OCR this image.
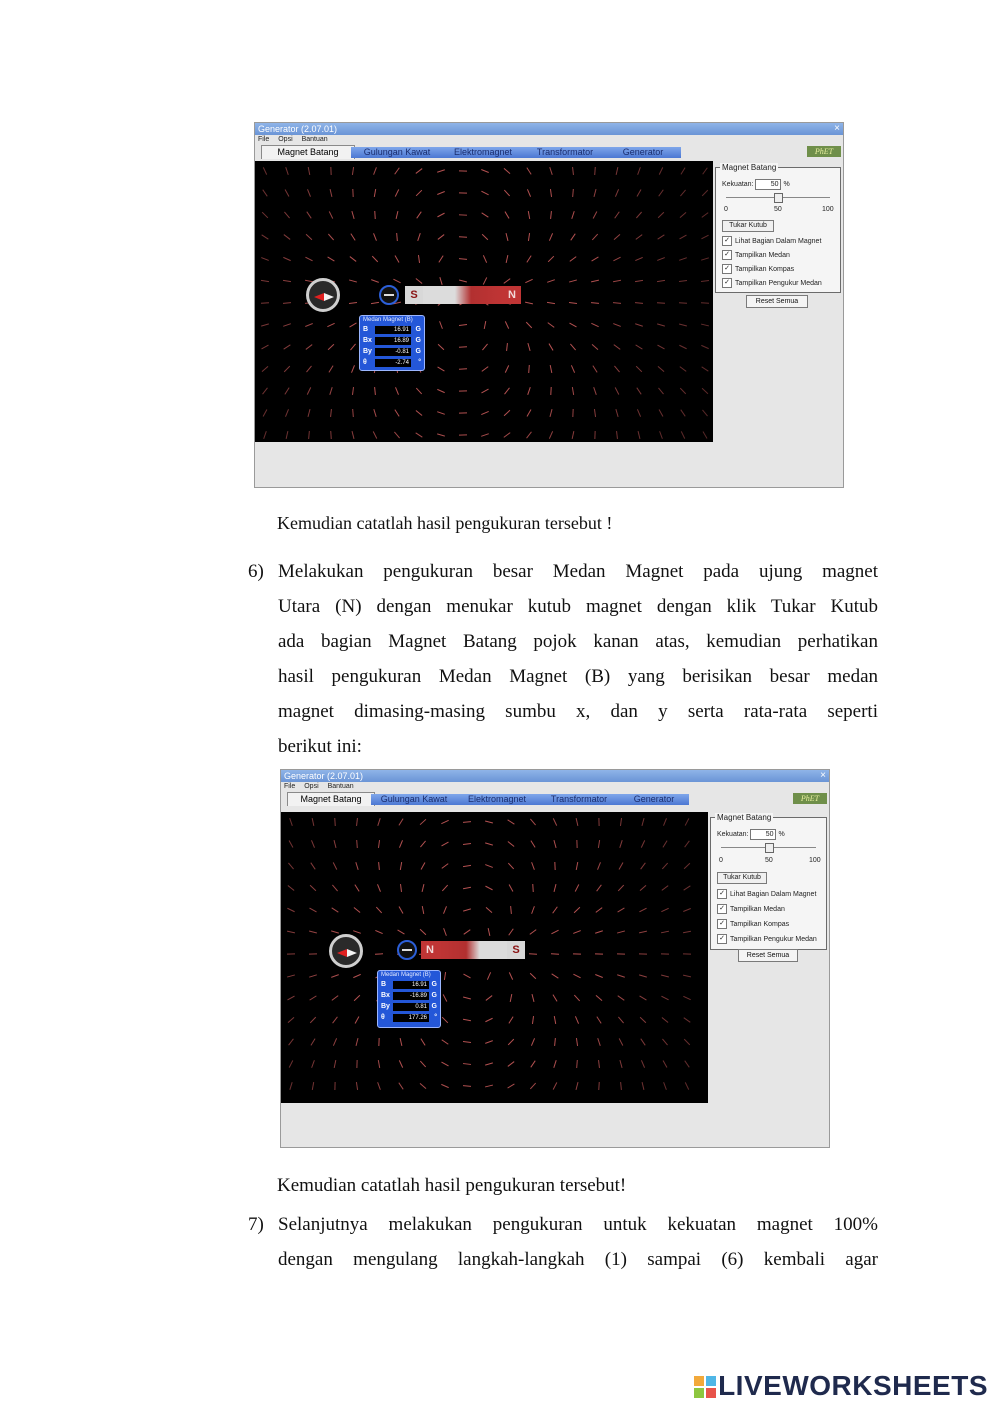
Generator (2.07.01)	×
File Opsi Bantuan
Magnet Batang	Gulungan Kawat	Elektromagnet	Transformator	Generator	PhET
S	N
Medan Magnet (B)
B	16.91 G
Bx	16.89 G
By	-0.81 G
θ	-2.74 °
Magnet Batang
Kekuatan: 50 %
0	50	100
Tukar Kutub
✓ Lihat Bagian Dalam Magnet
✓ Tampilkan Medan
✓ Tampilkan Kompas
✓ Tampilkan Pengukur Medan
Reset Semua
Kemudian catatlah hasil pengukuran tersebut !
6) Melakukan pengukuran besar Medan Magnet pada ujung magnet
Utara (N) dengan menukar kutub magnet dengan klik Tukar Kutub
ada bagian Magnet Batang pojok kanan atas, kemudian perhatikan
hasil pengukuran Medan Magnet (B) yang berisikan besar medan
magnet dimasing-masing sumbu x, dan y serta rata-rata seperti
berikut ini:
Generator (2.07.01)	×
File Opsi Bantuan
Magnet Batang	Gulungan Kawat	Elektromagnet	Transformator	Generator	PhET
N	S
Medan Magnet (B)
B	16.91 G
Bx	-16.89 G
By	0.81 G
θ	177.26 °
Magnet Batang
Kekuatan: 50 %
0	50	100
Tukar Kutub
✓ Lihat Bagian Dalam Magnet
✓ Tampilkan Medan
✓ Tampilkan Kompas
✓ Tampilkan Pengukur Medan
Reset Semua
Kemudian catatlah hasil pengukuran tersebut!
7) Selanjutnya melakukan pengukuran untuk kekuatan magnet 100%
dengan mengulang langkah-langkah (1) sampai (6) kembali agar
LIVEWORKSHEETS
